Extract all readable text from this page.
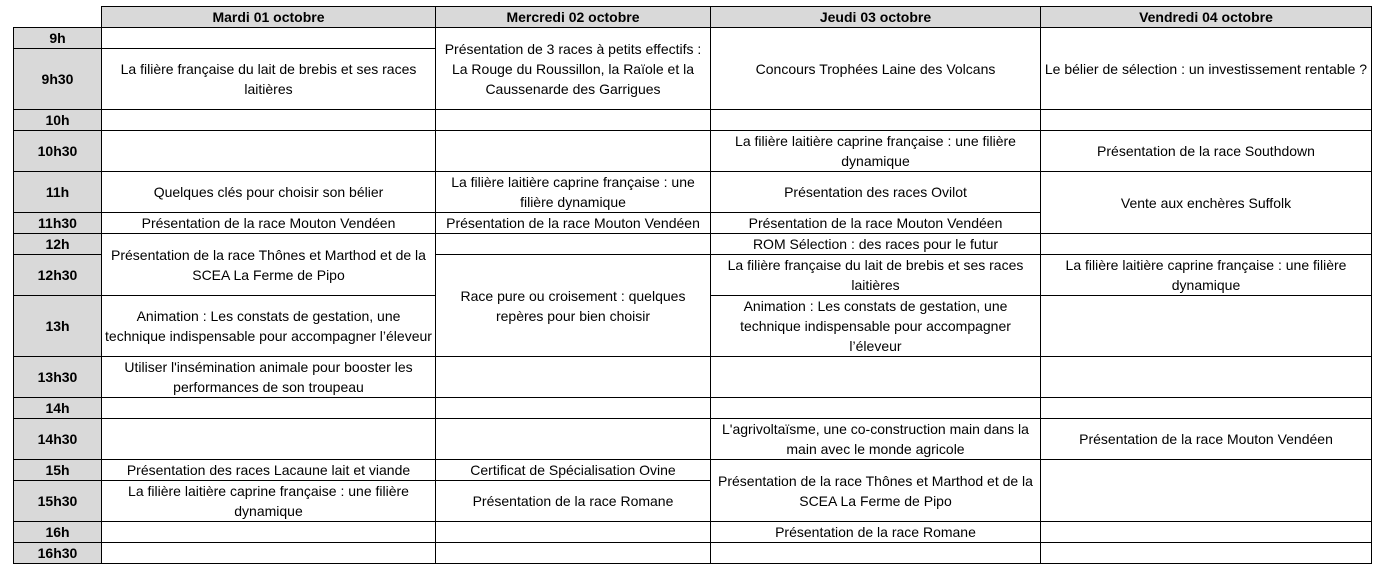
	Mardi 01 octobre	Mercredi 02 octobre	Jeudi 03 octobre	Vendredi 04 octobre
9h		Présentation de 3 races à petits effectifs : La Rouge du Roussillon, la Raïole et la Caussenarde des Garrigues	Concours Trophées Laine des Volcans	Le bélier de sélection : un investissement rentable ?
9h30	La filière française du lait de brebis et ses races laitières			
10h				
10h30			La filière laitière caprine française : une filière dynamique	Présentation de la race Southdown
11h	Quelques clés pour choisir son bélier	La filière laitière caprine française : une filière dynamique	Présentation des races Ovilot	Vente aux enchères Suffolk
11h30	Présentation de la race Mouton Vendéen	Présentation de la race Mouton Vendéen	Présentation de la race Mouton Vendéen	
12h	Présentation de la race Thônes et Marthod et de la SCEA La Ferme de Pipo		ROM Sélection : des races pour le futur	
12h30		Race pure ou croisement : quelques repères pour bien choisir	La filière française du lait de brebis et ses races laitières	La filière laitière caprine française : une filière dynamique
13h	Animation : Les constats de gestation, une technique indispensable pour accompagner l’éleveur		Animation : Les constats de gestation, une technique indispensable pour accompagner l’éleveur	
13h30	Utiliser l'insémination animale pour booster les performances de son troupeau			
14h				
14h30			L'agrivoltaïsme, une co-construction main dans la main avec le monde agricole	Présentation de la race Mouton Vendéen
15h	Présentation des races Lacaune lait et viande	Certificat de Spécialisation Ovine	Présentation de la race Thônes et Marthod et de la SCEA La Ferme de Pipo	
15h30	La filière laitière caprine française : une filière dynamique	Présentation de la race Romane		
16h			Présentation de la race Romane	
16h30				
